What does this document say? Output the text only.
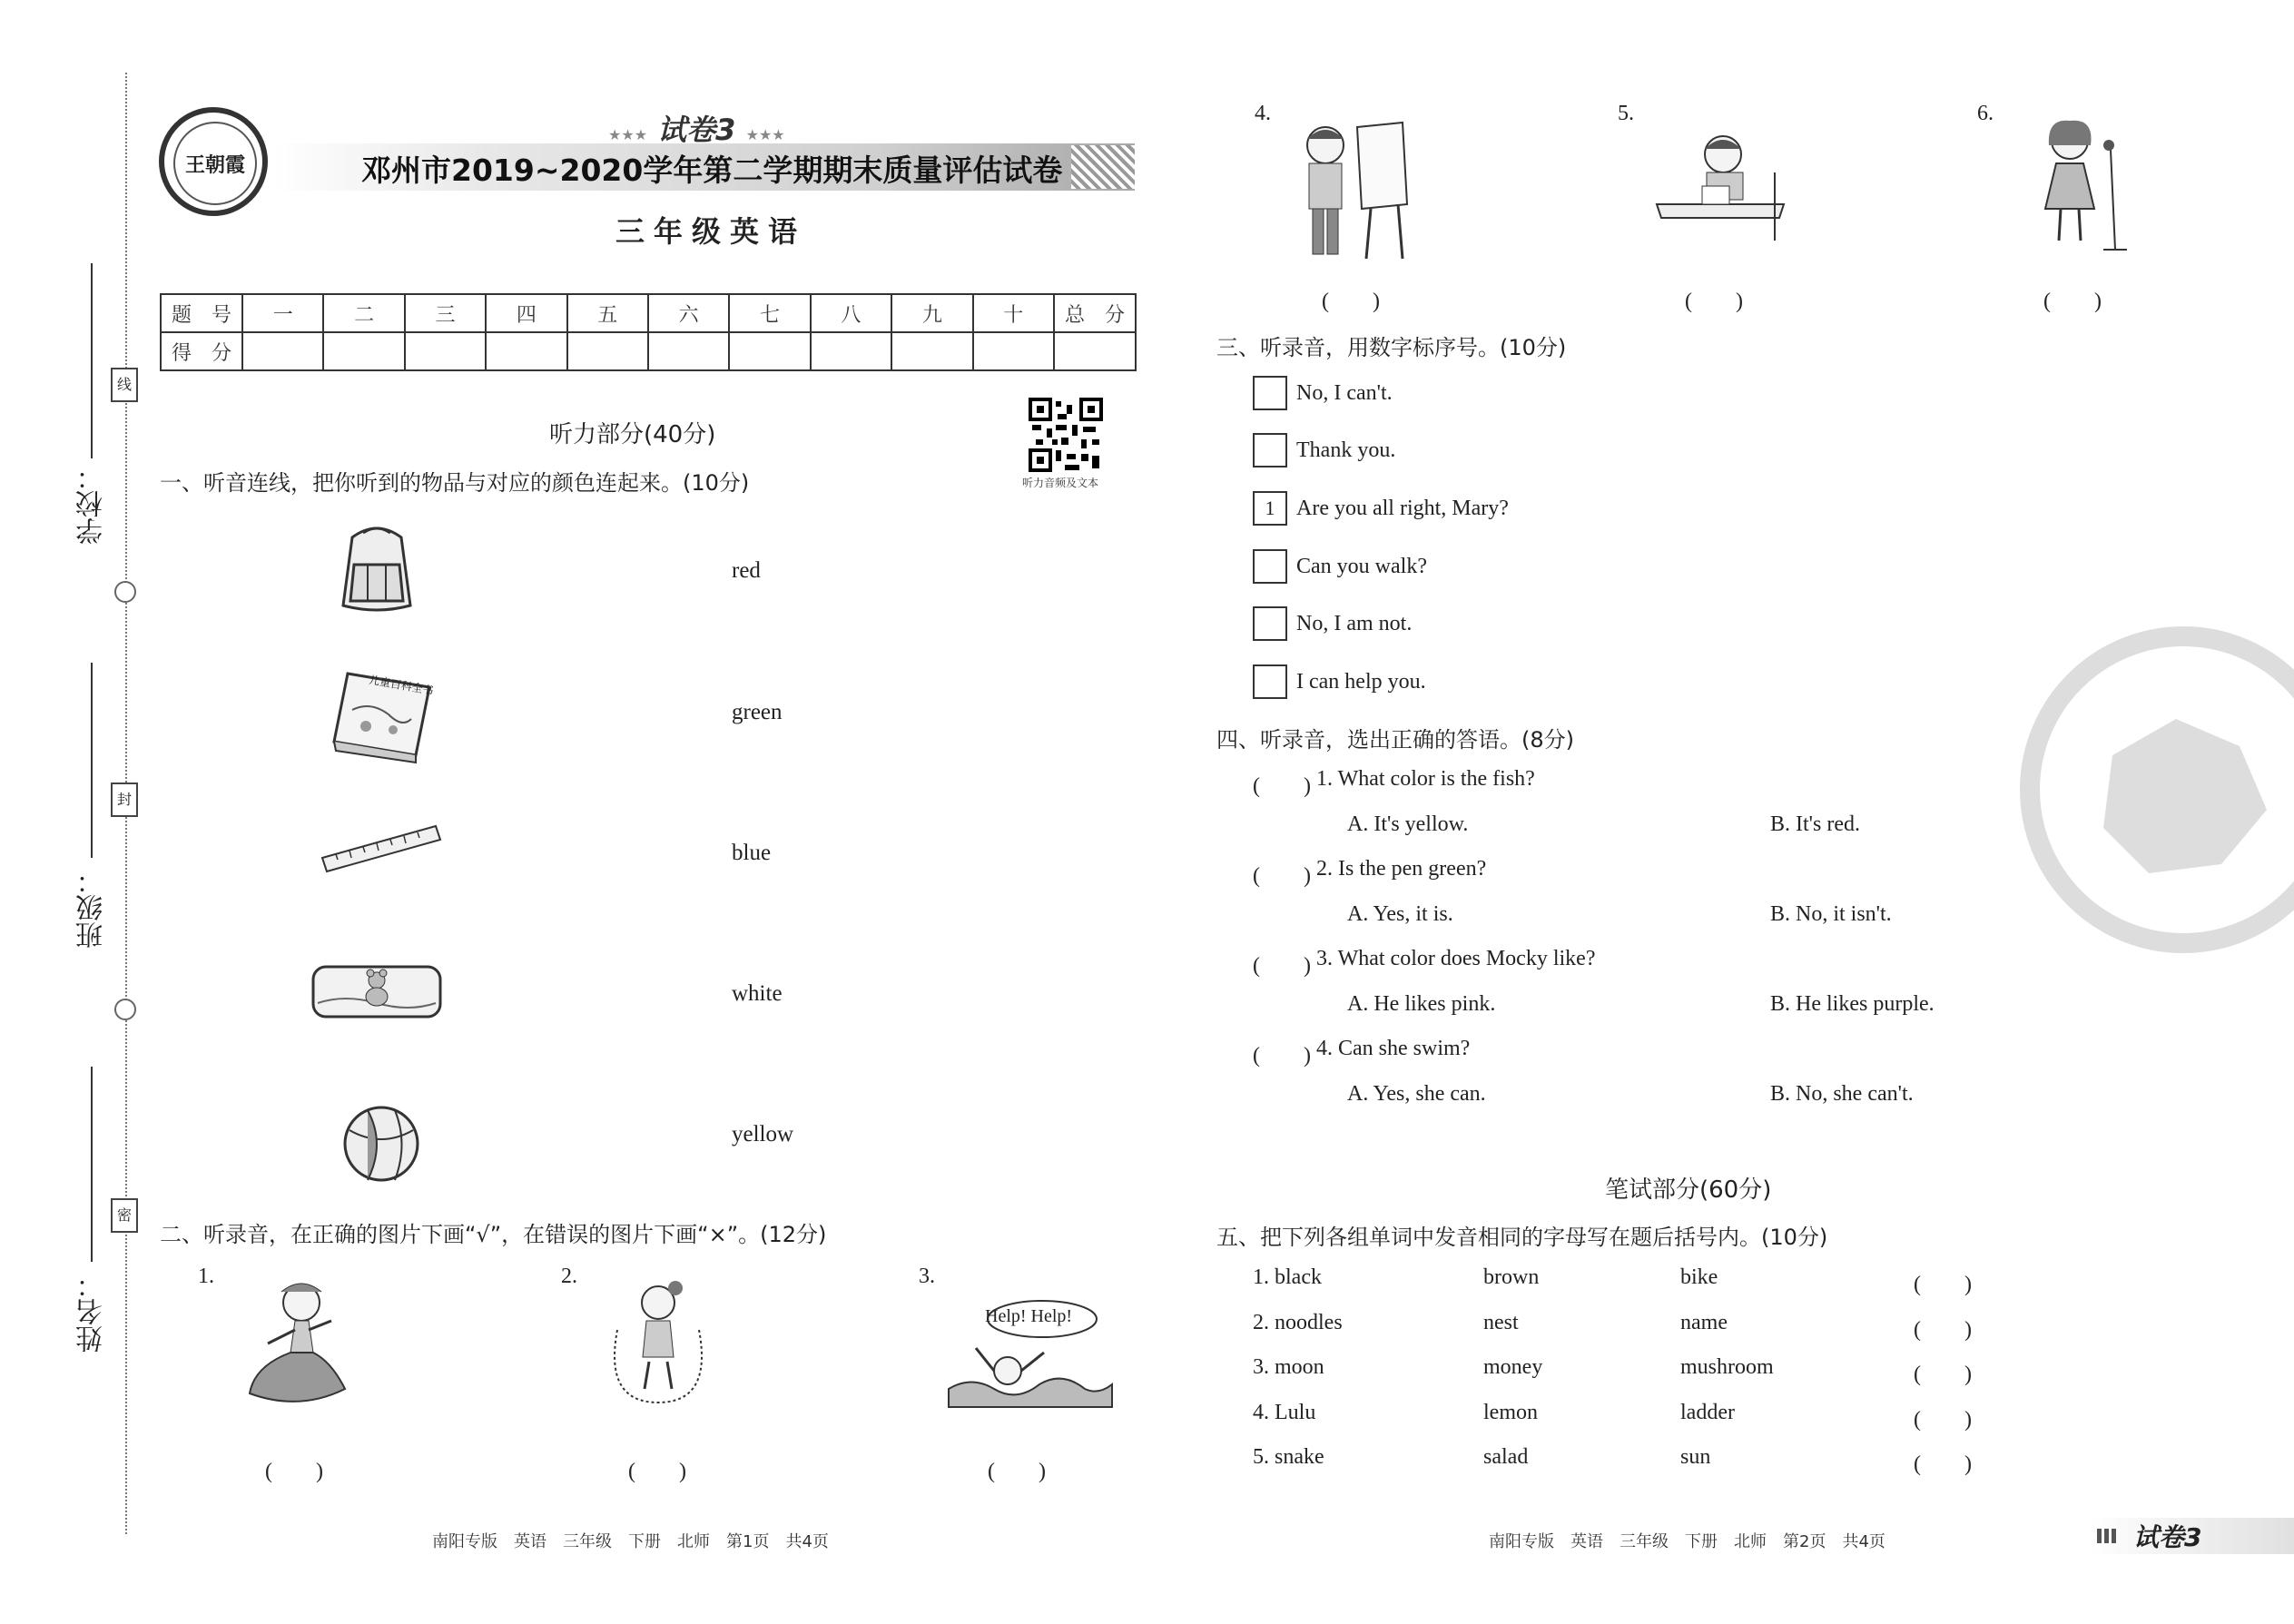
学校：
班级：
姓名：
线
封
密
王朝霞
★★★ 试卷3 ★★★
邓州市2019~2020学年第二学期期末质量评估试卷
三年级英语
题　号	一	二	三	四	五	六	七	八	九	十	总　分
得　分											
听力音频及文本
听力部分(40分)
一、听音连线，把你听到的物品与对应的颜色连起来。(10分)
儿童百科全书
red
green
blue
white
yellow
二、听录音，在正确的图片下画“√”，在错误的图片下画“×”。(12分)
1.	2.	3.
Help! Help!
(　　)	(　　)	(　　)
4.	5.	6.
(　　)	(　　)	(　　)
三、听录音，用数字标序号。(10分)
No, I can't.
Thank you.
1 Are you all right, Mary?
Can you walk?
No, I am not.
I can help you.
四、听录音，选出正确的答语。(8分)
(　　) 1. What color is the fish?
A. It's yellow.	B. It's red.
(　　) 2. Is the pen green?
A. Yes, it is.	B. No, it isn't.
(　　) 3. What color does Mocky like?
A. He likes pink.	B. He likes purple.
(　　) 4. Can she swim?
A. Yes, she can.	B. No, she can't.
笔试部分(60分)
五、把下列各组单词中发音相同的字母写在题后括号内。(10分)
1. black	brown	bike	(　　)
2. noodles	nest	name	(　　)
3. moon	money	mushroom	(　　)
4. Lulu	lemon	ladder	(　　)
5. snake	salad	sun	(　　)
南阳专版　英语　三年级　下册　北师　第1页　共4页	南阳专版　英语　三年级　下册　北师　第2页　共4页	试卷3
